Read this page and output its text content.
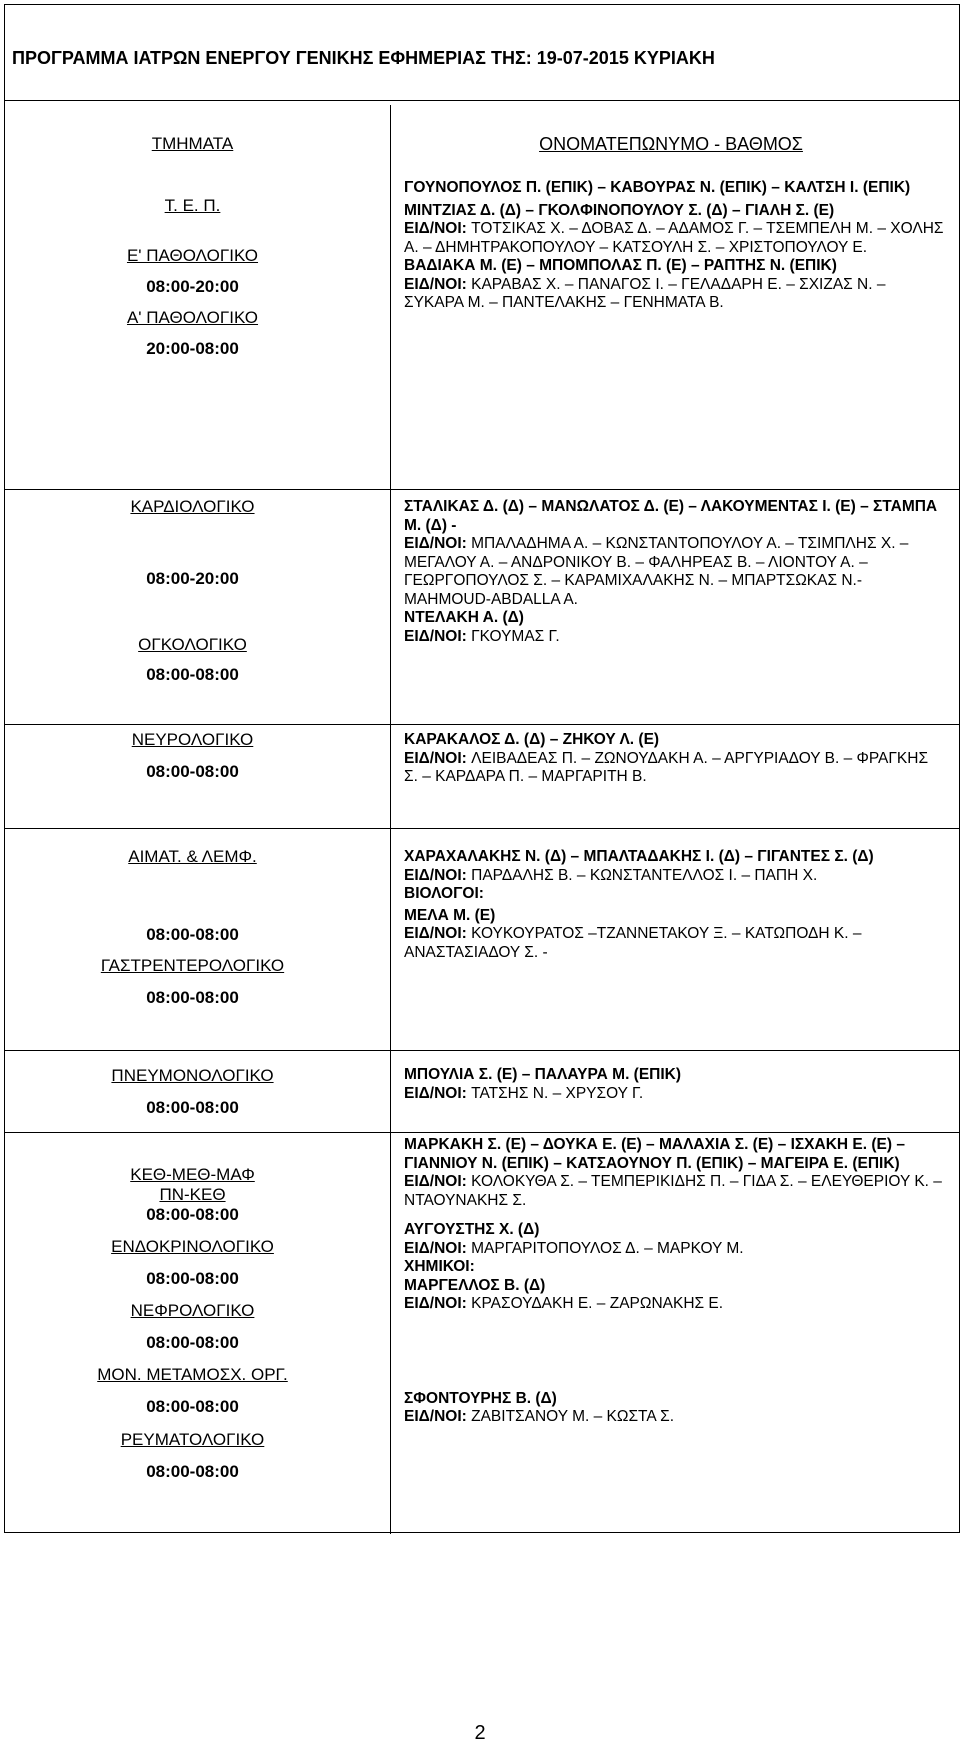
ΠΡΟΓΡΑΜΜΑ ΙΑΤΡΩΝ ΕΝΕΡΓΟΥ ΓΕΝΙΚΗΣ ΕΦΗΜΕΡΙΑΣ ΤΗΣ: 19-07-2015 ΚΥΡΙΑΚΗ
ΤΜΗΜΑΤΑ	ΟΝΟΜΑΤΕΠΩΝΥΜΟ - ΒΑΘΜΟΣ

Τ. Ε. Π.

Ε' ΠΑΘΟΛΟΓΙΚΟ

08:00-20:00

Α' ΠΑΘΟΛΟΓΙΚΟ

20:00-08:00

ΓΟΥΝΟΠΟΥΛΟΣ Π. (ΕΠΙΚ) – ΚΑΒΟΥΡΑΣ Ν. (ΕΠΙΚ) – ΚΑΛΤΣΗ Ι. (ΕΠΙΚ)

ΜΙΝΤΖΙΑΣ Δ. (Δ) – ΓΚΟΛΦΙΝΟΠΟΥΛΟΥ Σ. (Δ) – ΓΙΑΛΗ Σ. (Ε)

ΕΙΔ/ΝΟΙ: ΤΟΤΣΙΚΑΣ Χ. – ΔΟΒΑΣ Δ. – ΑΔΑΜΟΣ Γ. – ΤΣΕΜΠΕΛΗ Μ. – ΧΟΛΗΣ Α. – ΔΗΜΗΤΡΑΚΟΠΟΥΛΟΥ – ΚΑΤΣΟΥΛΗ Σ. – ΧΡΙΣΤΟΠΟΥΛΟΥ Ε.

ΒΑΔΙΑΚΑ Μ. (Ε) – ΜΠΟΜΠΟΛΑΣ Π. (Ε) – ΡΑΠΤΗΣ Ν. (ΕΠΙΚ)

ΕΙΔ/ΝΟΙ: ΚΑΡΑΒΑΣ Χ. – ΠΑΝΑΓΟΣ Ι. – ΓΕΛΑΔΑΡΗ Ε. – ΣΧΙΖΑΣ Ν. – ΣΥΚΑΡΑ Μ. – ΠΑΝΤΕΛΑΚΗΣ – ΓΕΝΗΜΑΤΑ Β.

ΚΑΡΔΙΟΛΟΓΙΚΟ

08:00-20:00

ΟΓΚΟΛΟΓΙΚΟ

08:00-08:00

ΣΤΑΛΙΚΑΣ Δ. (Δ) – ΜΑΝΩΛΑΤΟΣ Δ. (Ε) – ΛΑΚΟΥΜΕΝΤΑΣ Ι. (Ε) – ΣΤΑΜΠΑ Μ. (Δ) -

ΕΙΔ/ΝΟΙ: ΜΠΑΛΑΔΗΜΑ Α. – ΚΩΝΣΤΑΝΤΟΠΟΥΛΟΥ Α. – ΤΣΙΜΠΛΗΣ Χ. – ΜΕΓΑΛΟΥ Α. – ΑΝΔΡΟΝΙΚΟΥ Β. – ΦΑΛΗΡΕΑΣ Β. – ΛΙΟΝΤΟΥ Α. – ΓΕΩΡΓΟΠΟΥΛΟΣ Σ. – ΚΑΡΑΜΙΧΑΛΑΚΗΣ Ν. – ΜΠΑΡΤΣΩΚΑΣ Ν.- MAHMOUD-ABDALLA A.

ΝΤΕΛΑΚΗ Α. (Δ)

ΕΙΔ/ΝΟΙ: ΓΚΟΥΜΑΣ Γ.

ΝΕΥΡΟΛΟΓΙΚΟ

08:00-08:00

ΚΑΡΑΚΑΛΟΣ Δ. (Δ) – ΖΗΚΟΥ Λ. (Ε)

ΕΙΔ/ΝΟΙ: ΛΕΙΒΑΔΕΑΣ Π. – ΖΩΝΟΥΔΑΚΗ Α. – ΑΡΓΥΡΙΑΔΟΥ Β. – ΦΡΑΓΚΗΣ Σ. – ΚΑΡΔΑΡΑ Π. – ΜΑΡΓΑΡΙΤΗ Β.

ΑΙΜΑΤ. & ΛΕΜΦ.

08:00-08:00

ΓΑΣΤΡΕΝΤΕΡΟΛΟΓΙΚΟ

08:00-08:00

ΧΑΡΑΧΑΛΑΚΗΣ Ν. (Δ) – ΜΠΑΛΤΑΔΑΚΗΣ Ι. (Δ) – ΓΙΓΑΝΤΕΣ Σ. (Δ)

ΕΙΔ/ΝΟΙ: ΠΑΡΔΑΛΗΣ Β. – ΚΩΝΣΤΑΝΤΕΛΛΟΣ Ι. – ΠΑΠΗ Χ.

ΒΙΟΛΟΓΟΙ:

ΜΕΛΑ Μ. (Ε)

ΕΙΔ/ΝΟΙ: ΚΟΥΚΟΥΡΑΤΟΣ –ΤΖΑΝΝΕΤΑΚΟΥ Ξ. – ΚΑΤΩΠΟΔΗ Κ. – ΑΝΑΣΤΑΣΙΑΔΟΥ Σ. -

ΠΝΕΥΜΟΝΟΛΟΓΙΚΟ

08:00-08:00

ΜΠΟΥΛΙΑ Σ. (Ε) – ΠΑΛΑΥΡΑ Μ. (ΕΠΙΚ)

ΕΙΔ/ΝΟΙ: ΤΑΤΣΗΣ Ν. – ΧΡΥΣΟΥ Γ.

ΚΕΘ-ΜΕΘ-ΜΑΦ

ΠΝ-ΚΕΘ

08:00-08:00

ΕΝΔΟΚΡΙΝΟΛΟΓΙΚΟ

08:00-08:00

ΝΕΦΡΟΛΟΓΙΚΟ

08:00-08:00

ΜΟΝ. ΜΕΤΑΜΟΣΧ. ΟΡΓ.

08:00-08:00

ΡΕΥΜΑΤΟΛΟΓΙΚΟ

08:00-08:00

ΜΑΡΚΑΚΗ Σ. (Ε) – ΔΟΥΚΑ Ε. (Ε) – ΜΑΛΑΧΙΑ Σ. (Ε) – ΙΣΧΑΚΗ Ε. (Ε) – ΓΙΑΝΝΙΟΥ Ν. (ΕΠΙΚ) – ΚΑΤΣΑΟΥΝΟΥ Π. (ΕΠΙΚ) – ΜΑΓΕΙΡΑ Ε. (ΕΠΙΚ)

ΕΙΔ/ΝΟΙ: ΚΟΛΟΚΥΘΑ Σ. – ΤΕΜΠΕΡΙΚΙΔΗΣ Π. – ΓΙΔΑ Σ. – ΕΛΕΥΘΕΡΙΟΥ Κ. – ΝΤΑΟΥΝΑΚΗΣ Σ.

ΑΥΓΟΥΣΤΗΣ Χ. (Δ)

ΕΙΔ/ΝΟΙ: ΜΑΡΓΑΡΙΤΟΠΟΥΛΟΣ Δ. – ΜΑΡΚΟΥ Μ.

ΧΗΜΙΚΟΙ:

ΜΑΡΓΕΛΛΟΣ Β. (Δ)

ΕΙΔ/ΝΟΙ: ΚΡΑΣΟΥΔΑΚΗ Ε. – ΖΑΡΩΝΑΚΗΣ Ε.

ΣΦΟΝΤΟΥΡΗΣ Β. (Δ)

ΕΙΔ/ΝΟΙ: ΖΑΒΙΤΣΑΝΟΥ Μ. – ΚΩΣΤΑ Σ.

2
